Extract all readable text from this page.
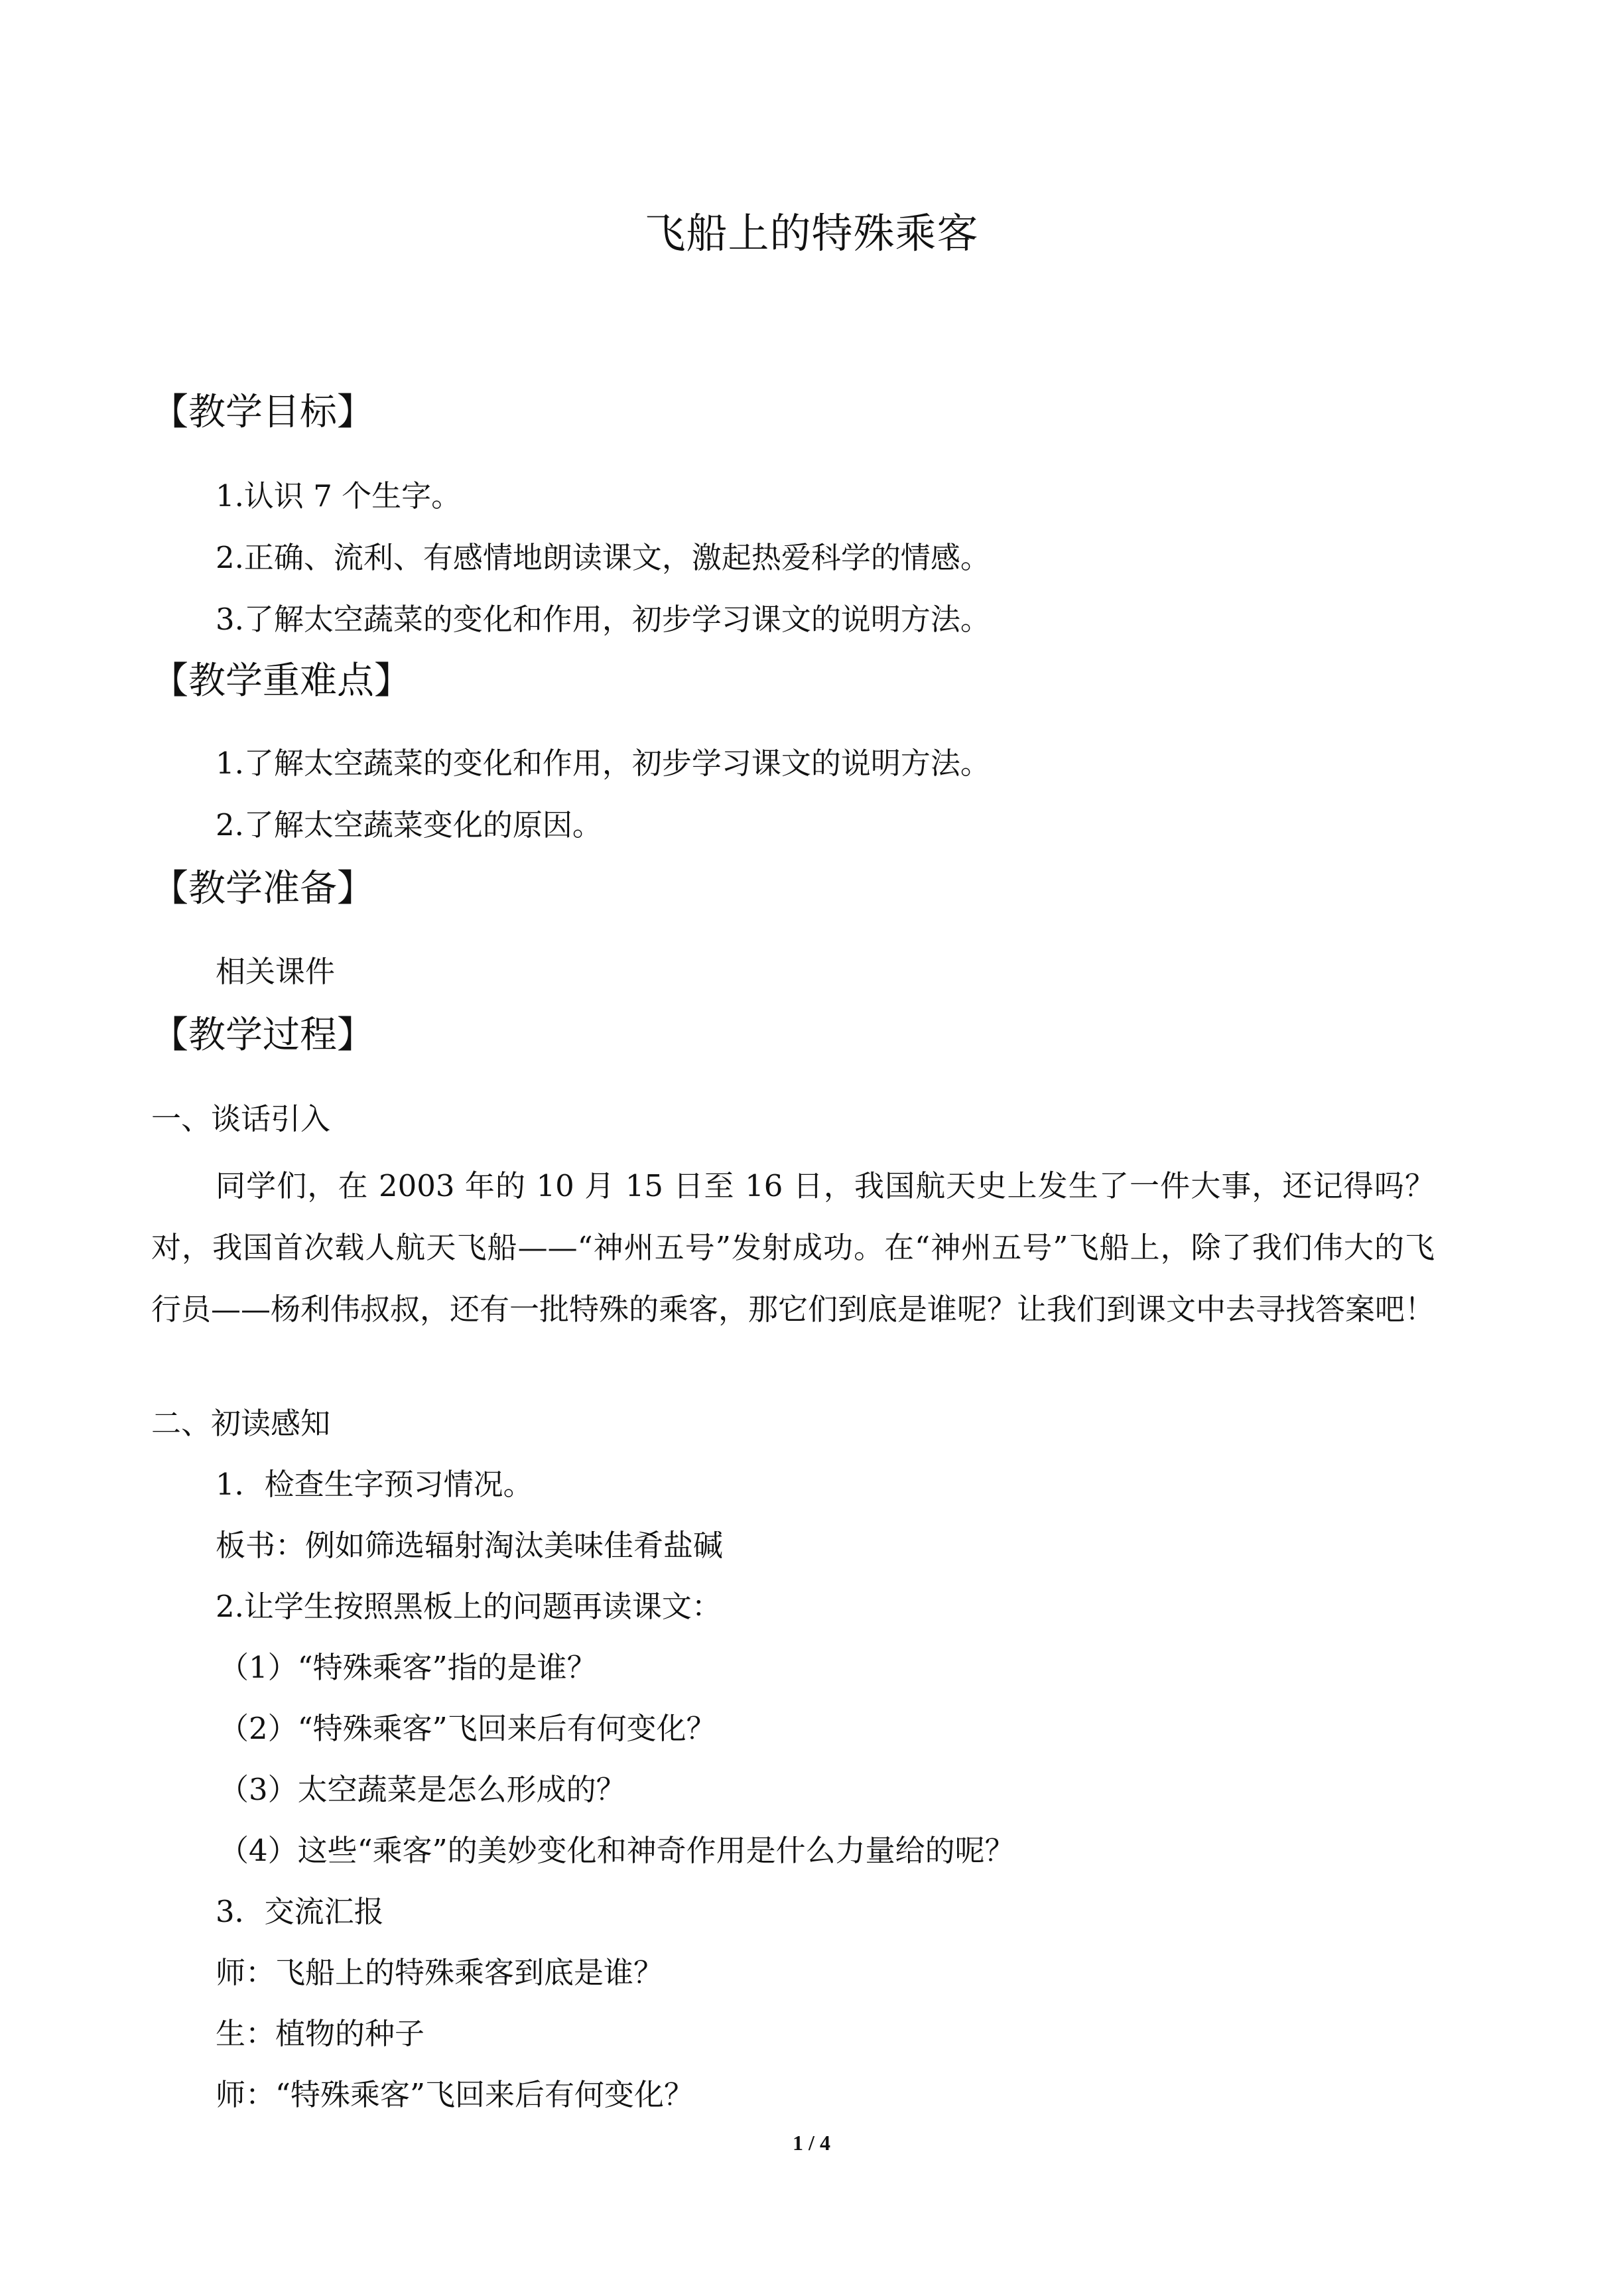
飞船上的特殊乘客
【教学目标】
1.认识 7 个生字。
2.正确、流利、有感情地朗读课文，激起热爱科学的情感。
3.了解太空蔬菜的变化和作用，初步学习课文的说明方法。
【教学重难点】
1.了解太空蔬菜的变化和作用，初步学习课文的说明方法。
2.了解太空蔬菜变化的原因。
【教学准备】
相关课件
【教学过程】
一、谈话引入

同学们，在 2003 年的 10 月 15 日至 16 日，我国航天史上发生了一件大事，还记得吗？对，我国首次载人航天飞船——“神州五号”发射成功。在“神州五号”飞船上，除了我们伟大的飞行员——杨利伟叔叔，还有一批特殊的乘客，那它们到底是谁呢？让我们到课文中去寻找答案吧！

二、初读感知
1．检查生字预习情况。
板书：例如筛选辐射淘汰美味佳肴盐碱
2.让学生按照黑板上的问题再读课文：
（1）“特殊乘客”指的是谁？
（2）“特殊乘客”飞回来后有何变化？
（3）太空蔬菜是怎么形成的？
（4）这些“乘客”的美妙变化和神奇作用是什么力量给的呢？
3．交流汇报
师：飞船上的特殊乘客到底是谁？
生：植物的种子
师：“特殊乘客”飞回来后有何变化？
1 / 4
